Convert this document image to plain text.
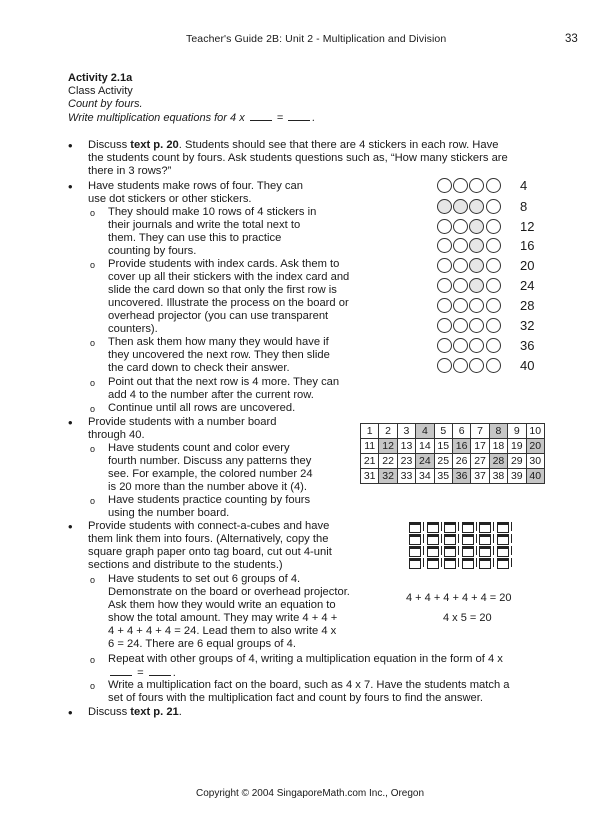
Teacher's Guide 2B: Unit 2 - Multiplication and Division	33
Activity 2.1a
Class Activity
Count by fours.
Write multiplication equations for 4 x  = .
• Discuss text p. 20. Students should see that there are 4 stickers in each row. Have
the students count by fours. Ask students questions such as, “How many stickers are
there in 3 rows?”
• Have students make rows of four. They can
use dot stickers or other stickers.
o They should make 10 rows of 4 stickers in
their journals and write the total next to
them. They can use this to practice
counting by fours.
o Provide students with index cards. Ask them to
cover up all their stickers with the index card and
slide the card down so that only the first row is
uncovered. Illustrate the process on the board or
overhead projector (you can use transparent
counters).
o Then ask them how many they would have if
they uncovered the next row. They then slide
the card down to check their answer.
o Point out that the next row is 4 more. They can
add 4 to the number after the current row.
o Continue until all rows are uncovered.
4
8
12
16
20
24
28
32
36
40
• Provide students with a number board
through 40.
o Have students count and color every
fourth number. Discuss any patterns they
see. For example, the colored number 24
is 20 more than the number above it (4).
o Have students practice counting by fours
using the number board.
1	2	3	4	5	6	7	8	9	10
11	12	13	14	15	16	17	18	19	20
21	22	23	24	25	26	27	28	29	30
31	32	33	34	35	36	37	38	39	40
• Provide students with connect-a-cubes and have
them link them into fours. (Alternatively, copy the
square graph paper onto tag board, cut out 4-unit
sections and distribute to the students.)
o Have students to set out 6 groups of 4.
Demonstrate on the board or overhead projector.
Ask them how they would write an equation to
show the total amount. They may write 4 + 4 +
4 + 4 + 4 + 4 = 24. Lead them to also write 4 x
6 = 24. There are 6 equal groups of 4.
4 + 4 + 4 + 4 + 4 = 20
4 x 5 = 20
o Repeat with other groups of 4, writing a multiplication equation in the form of 4 x
= .
o Write a multiplication fact on the board, such as 4 x 7. Have the students match a
set of fours with the multiplication fact and count by fours to find the answer.
• Discuss text p. 21.
Copyright © 2004 SingaporeMath.com Inc., Oregon
